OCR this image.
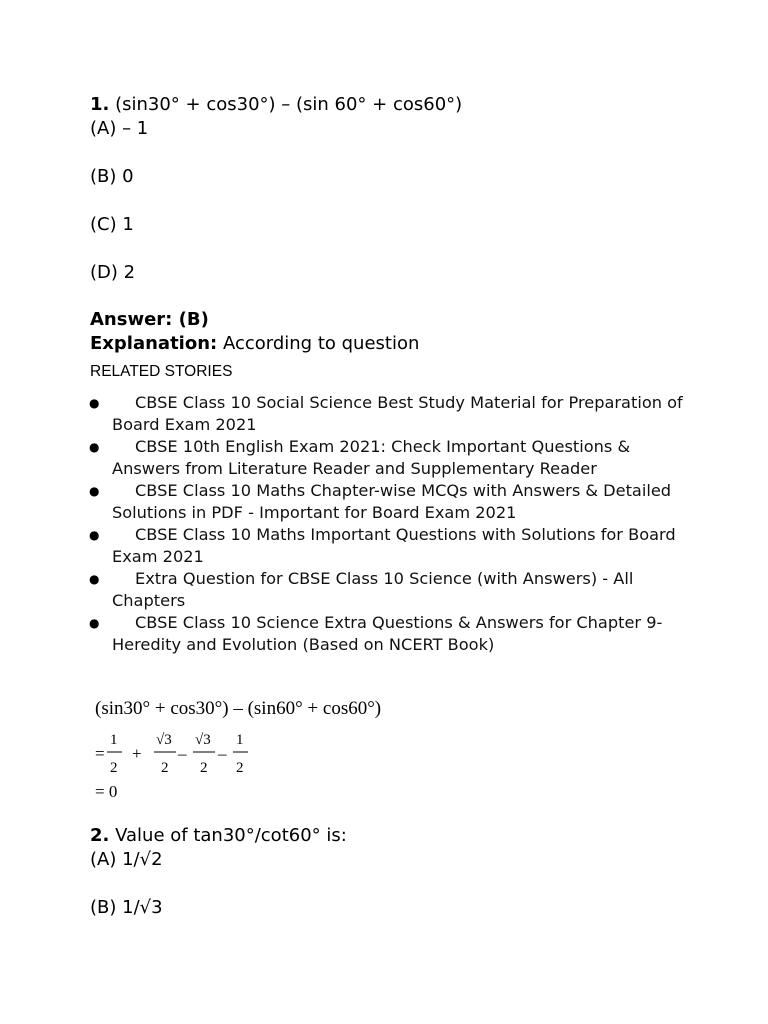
1. (sin30° + cos30°) – (sin 60° + cos60°)
(A) – 1
(B) 0
(C) 1
(D) 2
Answer: (B)
Explanation: According to question
RELATED STORIES
●	CBSE Class 10 Social Science Best Study Material for Preparation of Board Exam 2021
●	CBSE 10th English Exam 2021: Check Important Questions & Answers from Literature Reader and Supplementary Reader
●	CBSE Class 10 Maths Chapter-wise MCQs with Answers & Detailed Solutions in PDF - Important for Board Exam 2021
●	CBSE Class 10 Maths Important Questions with Solutions for Board Exam 2021
●	Extra Question for CBSE Class 10 Science (with Answers) - All Chapters
●	CBSE Class 10 Science Extra Questions & Answers for Chapter 9- Heredity and Evolution (Based on NCERT Book)
(sin30° + cos30°) – (sin60° + cos60°)
=
1
2
+
√3
2
–
√3
2
–
1
2
= 0
2. Value of tan30°/cot60° is:
(A) 1/√2
(B) 1/√3
